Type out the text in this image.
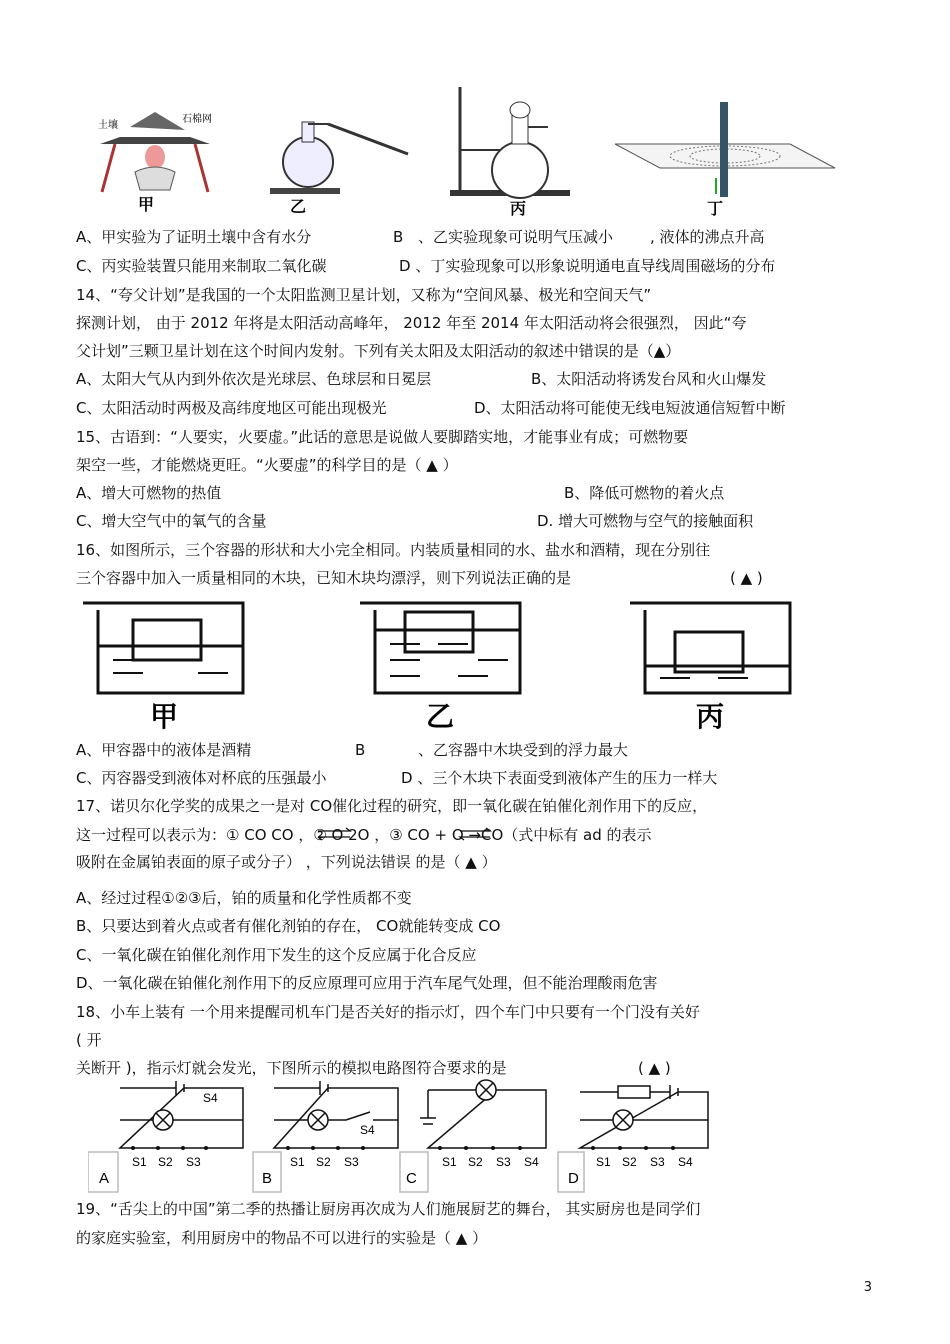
土壤
石棉网
甲	乙	丙	丁
A、甲实验为了证明土壤中含有水分	B 、乙实验现象可说明气压减小 , 液体的沸点升高
C、丙实验装置只能用来制取二氧化碳	D 、丁实验现象可以形象说明通电直导线周围磁场的分布
14、“夸父计划”是我国的一个太阳监测卫星计划，又称为“空间风暴、极光和空间天气”
探测计划， 由于 2012 年将是太阳活动高峰年， 2012 年至 2014 年太阳活动将会很强烈， 因此“夸
父计划”三颗卫星计划在这个时间内发射。下列有关太阳及太阳活动的叙述中错误的是（▲）
A、太阳大气从内到外依次是光球层、色球层和日冕层	B、太阳活动将诱发台风和火山爆发
C、太阳活动时两极及高纬度地区可能出现极光	D、太阳活动将可能使无线电短波通信短暂中断
15、古语到：“人要实，火要虚。”此话的意思是说做人要脚踏实地，才能事业有成；可燃物要
架空一些，才能燃烧更旺。“火要虚”的科学目的是（ ▲ ）
A、增大可燃物的热值	B、降低可燃物的着火点
C、增大空气中的氧气的含量	D. 增大可燃物与空气的接触面积
16、如图所示，三个容器的形状和大小完全相同。内装质量相同的水、盐水和酒精，现在分别往
三个容器中加入一质量相同的木块，已知木块均漂浮，则下列说法正确的是	( ▲ )
甲	乙	丙
A、甲容器中的液体是酒精	B	、乙容器中木块受到的浮力最大
C、丙容器受到液体对杯底的压强最小	D 、三个木块下表面受到液体产生的压力一样大
17、诺贝尔化学奖的成果之一是对 CO催化过程的研究，即一氧化碳在铂催化剂作用下的反应，
这一过程可以表示为：① CO CO ，② O 2O ，③ CO + O →CO（式中标有 ad 的表示
吸附在金属铂表面的原子或分子） ，下列说法错误 的是（ ▲ ）
A、经过过程①②③后，铂的质量和化学性质都不变
B、只要达到着火点或者有催化剂铂的存在， CO就能转变成 CO
C、一氧化碳在铂催化剂作用下发生的这个反应属于化合反应
D、一氧化碳在铂催化剂作用下的反应原理可应用于汽车尾气处理，但不能治理酸雨危害
18、小车上装有 一个用来提醒司机车门是否关好的指示灯，四个车门中只要有一个门没有关好
( 开
关断开 )，指示灯就会发光，下图所示的模拟电路图符合要求的是	( ▲ )
S4
S4
S1 S2 S3	S1 S2 S3	S1 S2 S3 S4	S1 S2 S3 S4
A	B	C	D
19、“舌尖上的中国”第二季的热播让厨房再次成为人们施展厨艺的舞台， 其实厨房也是同学们
的家庭实验室，利用厨房中的物品不可以进行的实验是（ ▲ ）
3
